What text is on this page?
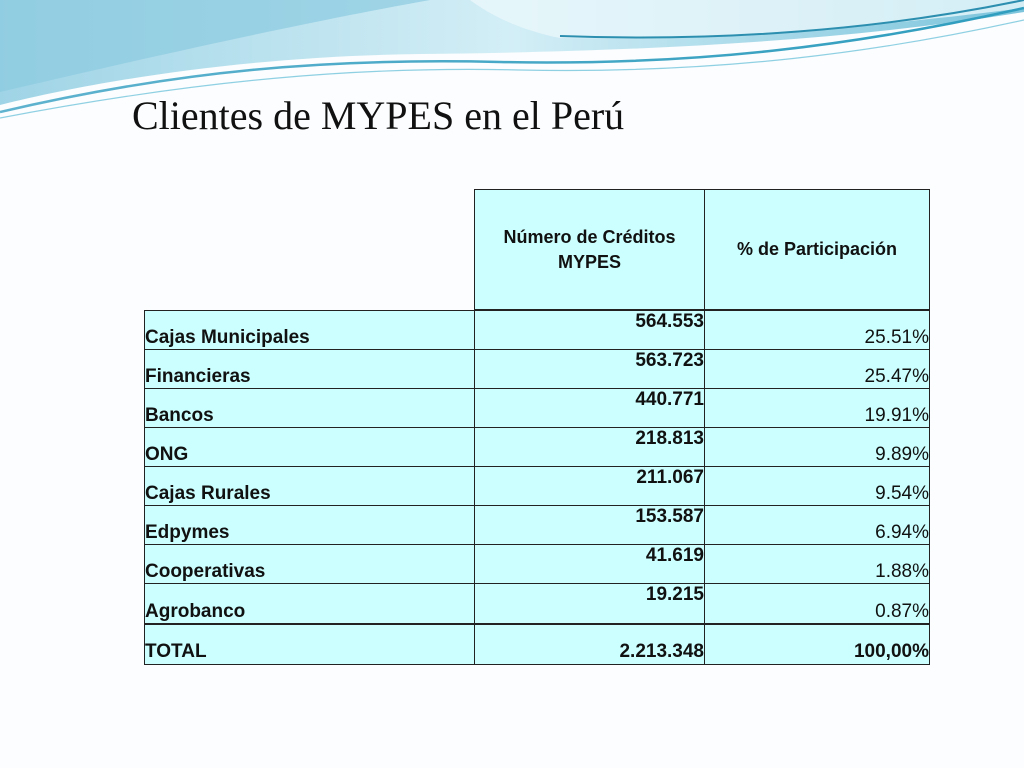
Clientes de MYPES en el Perú
	Número de Créditos MYPES	% de Participación
Cajas Municipales	564.553	25.51%
Financieras	563.723	25.47%
Bancos	440.771	19.91%
ONG	218.813	9.89%
Cajas Rurales	211.067	9.54%
Edpymes	153.587	6.94%
Cooperativas	41.619	1.88%
Agrobanco	19.215	0.87%
TOTAL	2.213.348	100,00%
